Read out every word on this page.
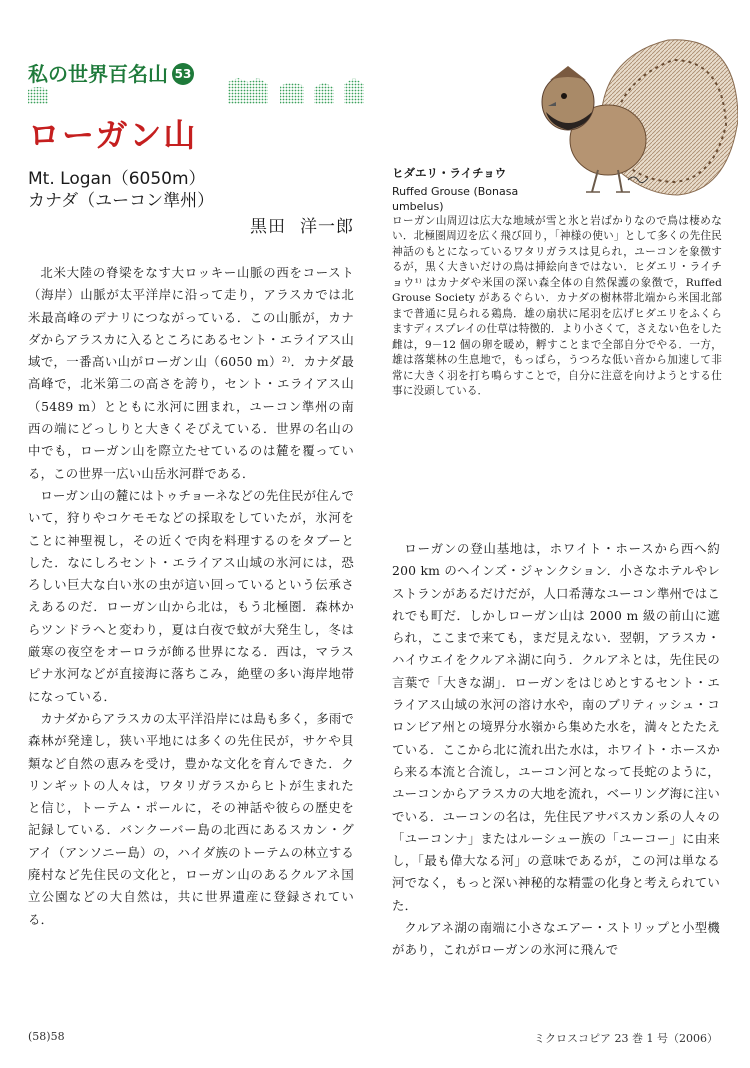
私の世界百名山 53
ローガン山
Mt. Logan（6050m）
カナダ（ユーコン準州）
黒田 洋一郎
ヒダエリ・ライチョウ
Ruffed Grouse (Bonasa
umbelus)
ローガン山周辺は広大な地域が雪と氷と岩ばかりなので鳥は棲めない．北極圏周辺を広く飛び回り，「神様の使い」として多くの先住民神話のもとになっているワタリガラスは見られ，ユーコンを象徴するが，黒く大きいだけの鳥は挿絵向きではない．ヒダエリ・ライチョウ¹⁾ はカナダや米国の深い森全体の自然保護の象徴で，Ruffed Grouse Society があるぐらい．カナダの樹林帯北端から米国北部まで普通に見られる鶏鳥．雄の扇状に尾羽を広げヒダエリをふくらますディスプレイの仕草は特徴的．より小さくて，さえない色をした雌は，9－12 個の卵を暖め，孵すことまで全部自分でやる．一方，雄は落葉林の生息地で，もっぱら，うつろな低い音から加速して非常に大きく羽を打ち鳴らすことで，自分に注意を向けようとする仕事に没頭している．

北米大陸の脊梁をなす大ロッキー山脈の西をコースト（海岸）山脈が太平洋岸に沿って走り，アラスカでは北米最高峰のデナリにつながっている．この山脈が，カナダからアラスカに入るところにあるセント・エライアス山域で，一番高い山がローガン山（6050 m）²⁾．カナダ最高峰で，北米第二の高さを誇り，セント・エライアス山（5489 m）とともに氷河に囲まれ，ユーコン準州の南西の端にどっしりと大きくそびえている．世界の名山の中でも，ローガン山を際立たせているのは麓を覆っている，この世界一広い山岳氷河群である．

ローガン山の麓にはトゥチョーネなどの先住民が住んでいて，狩りやコケモモなどの採取をしていたが，氷河をことに神聖視し，その近くで肉を料理するのをタブーとした．なにしろセント・エライアス山域の氷河には，恐ろしい巨大な白い氷の虫が這い回っているという伝承さえあるのだ．ローガン山から北は，もう北極圏．森林からツンドラへと変わり，夏は白夜で蚊が大発生し，冬は厳寒の夜空をオーロラが飾る世界になる．西は，マラスピナ氷河などが直接海に落ちこみ，絶壁の多い海岸地帯になっている．

カナダからアラスカの太平洋沿岸には島も多く，多雨で森林が発達し，狭い平地には多くの先住民が，サケや貝類など自然の恵みを受け，豊かな文化を育んできた．クリンギットの人々は，ワタリガラスからヒトが生まれたと信じ，トーテム・ポールに，その神話や彼らの歴史を記録している．バンクーバー島の北西にあるスカン・グアイ（アンソニー島）の，ハイダ族のトーテムの林立する廃村など先住民の文化と，ローガン山のあるクルアネ国立公園などの大自然は，共に世界遺産に登録されている．

ローガンの登山基地は，ホワイト・ホースから西へ約 200 km のヘインズ・ジャンクション．小さなホテルやレストランがあるだけだが，人口希薄なユーコン準州ではこれでも町だ．しかしローガン山は 2000 m 級の前山に遮られ，ここまで来ても，まだ見えない．翌朝，アラスカ・ハイウエイをクルアネ湖に向う．クルアネとは，先住民の言葉で「大きな湖」．ローガンをはじめとするセント・エライアス山域の氷河の溶け水や，南のブリティッシュ・コロンビア州との境界分水嶺から集めた水を，満々とたたえている．ここから北に流れ出た水は，ホワイト・ホースから来る本流と合流し，ユーコン河となって長蛇のように，ユーコンからアラスカの大地を流れ，ベーリング海に注いでいる．ユーコンの名は，先住民アサパスカン系の人々の「ユーコンナ」またはルーシュー族の「ユーコー」に由来し，「最も偉大なる河」の意味であるが，この河は単なる河でなく，もっと深い神秘的な精霊の化身と考えられていた．

クルアネ湖の南端に小さなエアー・ストリップと小型機があり，これがローガンの氷河に飛んで

(58)58	ミクロスコピア 23 巻 1 号（2006）
